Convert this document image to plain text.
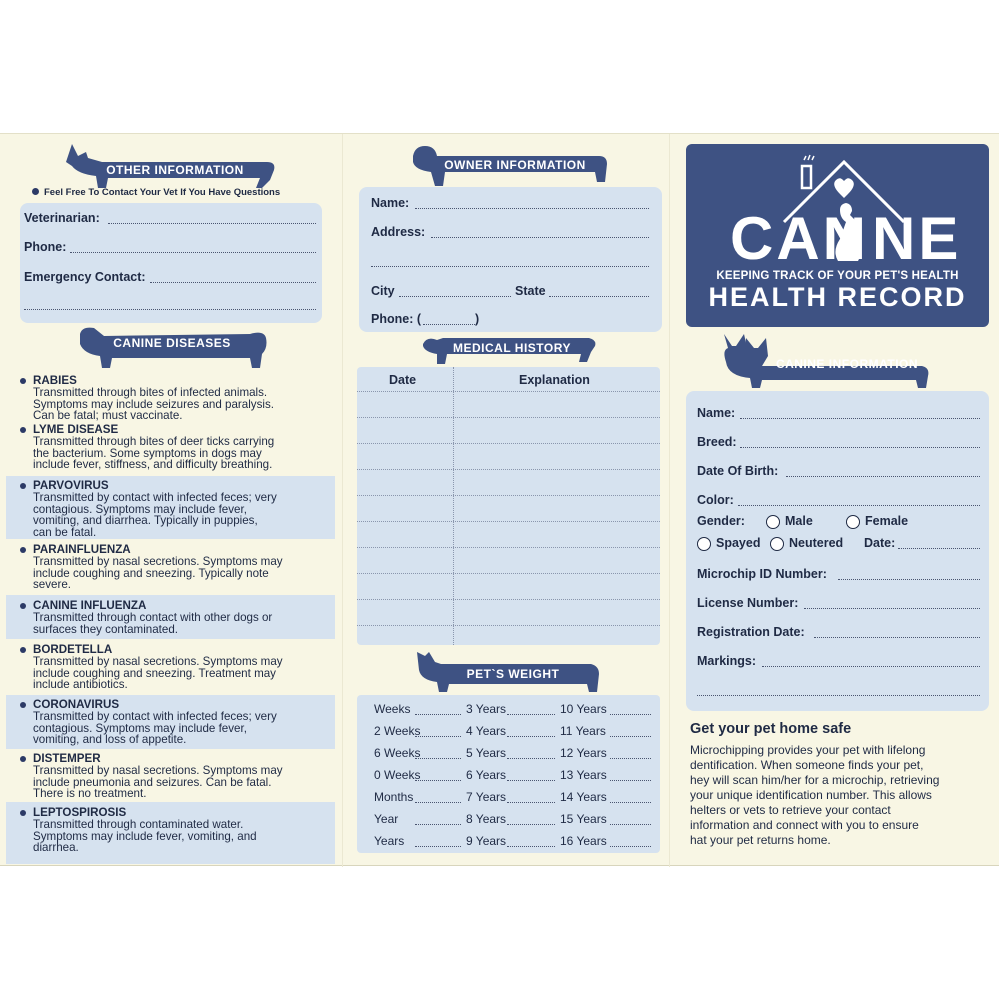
OTHER INFORMATION
Feel Free To Contact Your Vet If You Have Questions
Veterinarian:
Phone:
Emergency Contact:
CANINE DISEASES
RABIES
Transmitted through bites of infected animals.
Symptoms may include seizures and paralysis.
Can be fatal; must vaccinate.
LYME DISEASE
Transmitted through bites of deer ticks carrying
the bacterium. Some symptoms in dogs may
include fever, stiffness, and difficulty breathing.
PARVOVIRUS
Transmitted by contact with infected feces; very
contagious. Symptoms may include fever,
vomiting, and diarrhea. Typically in puppies,
can be fatal.
PARAINFLUENZA
Transmitted by nasal secretions. Symptoms may
include coughing and sneezing. Typically note
severe.
CANINE INFLUENZA
Transmitted through contact with other dogs or
surfaces they contaminated.
BORDETELLA
Transmitted by nasal secretions. Symptoms may
include coughing and sneezing. Treatment may
include antibiotics.
CORONAVIRUS
Transmitted by contact with infected feces; very
contagious. Symptoms may include fever,
vomiting, and loss of appetite.
DISTEMPER
Transmitted by nasal secretions. Symptoms may
include pneumonia and seizures. Can be fatal.
There is no treatment.
LEPTOSPIROSIS
Transmitted through contaminated water.
Symptoms may include fever, vomiting, and
diarrhea.
OWNER INFORMATION
Name:
Address:
City	State
Phone: (	)
MEDICAL HISTORY
Date	Explanation
PET`S WEIGHT
Weeks	3 Years	10 Years
2 Weeks	4 Years	11 Years
6 Weeks	5 Years	12 Years
0 Weeks	6 Years	13 Years
Months	7 Years	14 Years
Year	8 Years	15 Years
Years	9 Years	16 Years
CAN NE
KEEPING TRACK OF YOUR PET'S HEALTH
HEALTH RECORD
CANINE INFORMATION
Name:
Breed:
Date Of Birth:
Color:
Gender:	Male	Female
Spayed Neutered Date:
Microchip ID Number:
License Number:
Registration Date:
Markings:
Get your pet home safe
Microchipping provides your pet with lifelong
dentification. When someone finds your pet,
hey will scan him/her for a microchip, retrieving
your unique identification number. This allows
helters or vets to retrieve your contact
information and connect with you to ensure
hat your pet returns home.
